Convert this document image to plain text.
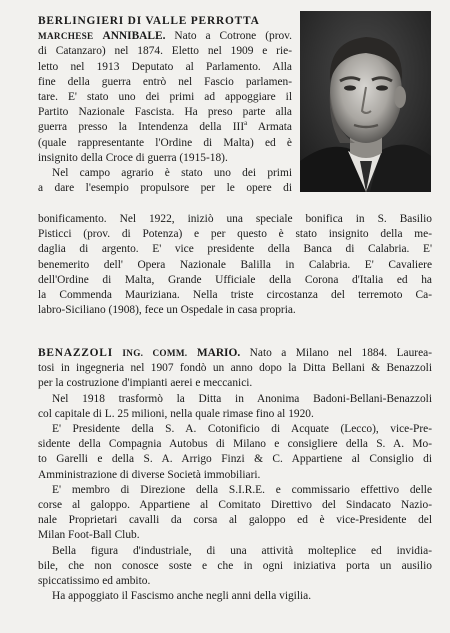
BERLINGIERI DI VALLE PERROTTA
MARCHESE ANNIBALE. Nato a Cotrone (prov.
di Catanzaro) nel 1874. Eletto nel 1909 e rie-
letto nel 1913 Deputato al Parlamento. Alla
fine della guerra entrò nel Fascio parlamen-
tare. E' stato uno dei primi ad appoggiare il
Partito Nazionale Fascista. Ha preso parte alla
guerra presso la Intendenza della III$^a$ Armata
(quale rappresentante l'Ordine di Malta) ed è
insignito della Croce di guerra (1915-18).
Nel campo agrario è stato uno dei primi
a dare l'esempio propulsore per le opere di
bonificamento. Nel 1922, iniziò una speciale bonifica in S. Basilio
Pisticci (prov. di Potenza) e per questo è stato insignito della me-
daglia di argento. E' vice presidente della Banca di Calabria. E'
benemerito dell' Opera Nazionale Balilla in Calabria. E' Cavaliere
dell'Ordine di Malta, Grande Ufficiale della Corona d'Italia ed ha
la Commenda Mauriziana. Nella triste circostanza del terremoto Ca-
labro-Siciliano (1908), fece un Ospedale in casa propria.
BENAZZOLI ING. COMM. MARIO. Nato a Milano nel 1884. Laurea-
tosi in ingegneria nel 1907 fondò un anno dopo la Ditta Bellani & Benazzoli
per la costruzione d'impianti aerei e meccanici.
Nel 1918 trasformò la Ditta in Anonima Badoni-Bellani-Benazzoli
col capitale di L. 25 milioni, nella quale rimase fino al 1920.
E' Presidente della S. A. Cotonificio di Acquate (Lecco), vice-Pre-
sidente della Compagnia Autobus di Milano e consigliere della S. A. Mo-
to Garelli e della S. A. Arrigo Finzi & C. Appartiene al Consiglio di
Amministrazione di diverse Società immobiliari.
E' membro di Direzione della S.I.R.E. e commissario effettivo delle
corse al galoppo. Appartiene al Comitato Direttivo del Sindacato Nazio-
nale Proprietari cavalli da corsa al galoppo ed è vice-Presidente del
Milan Foot-Ball Club.
Bella figura d'industriale, di una attività molteplice ed invidia-
bile, che non conosce soste e che in ogni iniziativa porta un ausilio
spiccatissimo ed ambito.
Ha appoggiato il Fascismo anche negli anni della vigilia.
